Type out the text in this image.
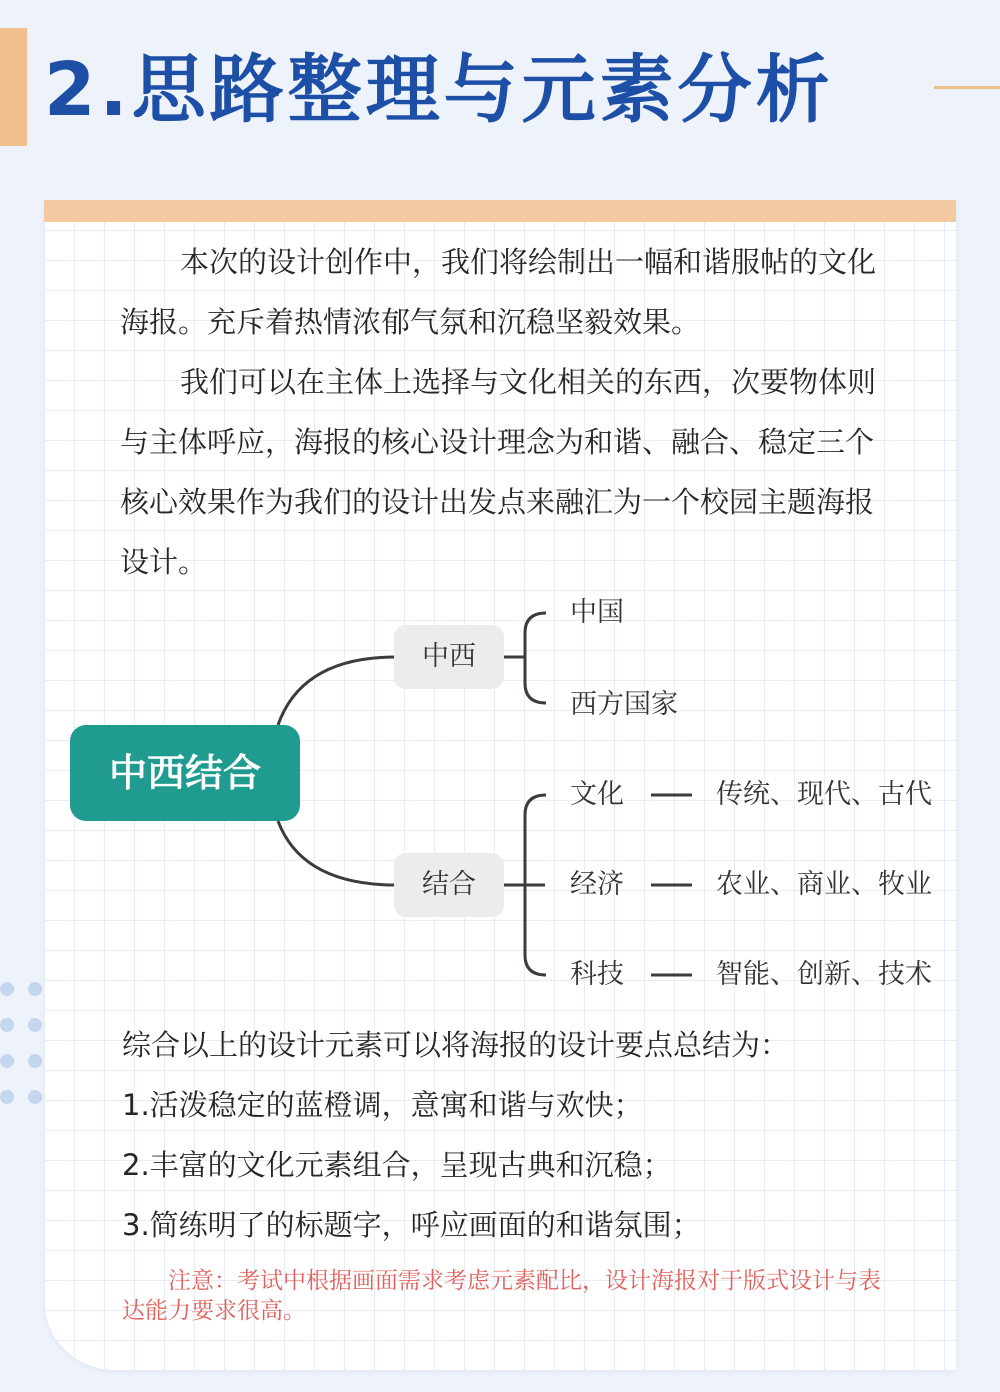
2.思路整理与元素分析

本次的设计创作中，我们将绘制出一幅和谐服帖的文化海报。充斥着热情浓郁气氛和沉稳坚毅效果。

我们可以在主体上选择与文化相关的东西，次要物体则与主体呼应，海报的核心设计理念为和谐、融合、稳定三个核心效果作为我们的设计出发点来融汇为一个校园主题海报设计。

中西结合
中西
结合
中国
西方国家
文化	传统、现代、古代
经济	农业、商业、牧业
科技	智能、创新、技术
综合以上的设计元素可以将海报的设计要点总结为：
1.活泼稳定的蓝橙调，意寓和谐与欢快；
2.丰富的文化元素组合，呈现古典和沉稳；
3.简练明了的标题字，呼应画面的和谐氛围；

注意：考试中根据画面需求考虑元素配比，设计海报对于版式设计与表达能力要求很高。
